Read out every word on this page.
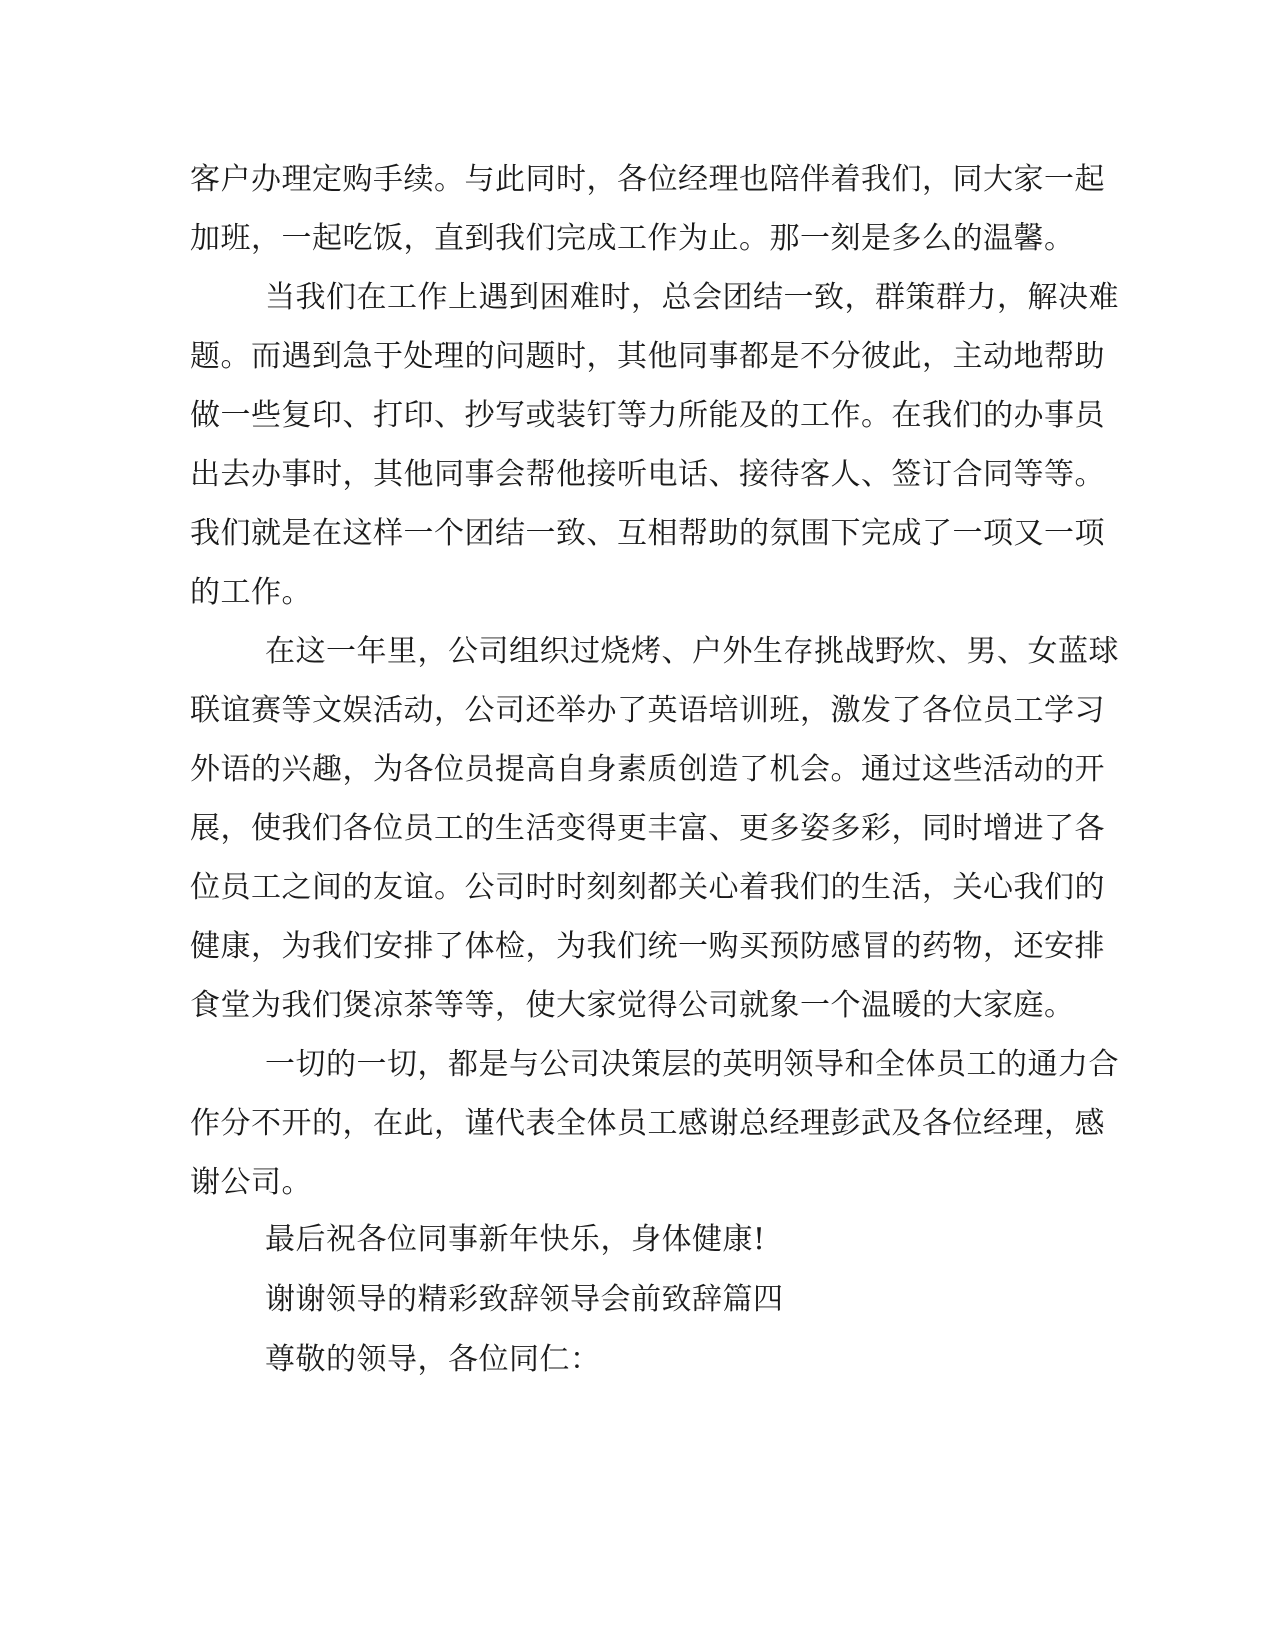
客户办理定购手续。与此同时，各位经理也陪伴着我们，同大家一起

加班，一起吃饭，直到我们完成工作为止。那一刻是多么的温馨。

当我们在工作上遇到困难时，总会团结一致，群策群力，解决难

题。而遇到急于处理的问题时，其他同事都是不分彼此，主动地帮助

做一些复印、打印、抄写或装钉等力所能及的工作。在我们的办事员

出去办事时，其他同事会帮他接听电话、接待客人、签订合同等等。

我们就是在这样一个团结一致、互相帮助的氛围下完成了一项又一项

的工作。

在这一年里，公司组织过烧烤、户外生存挑战野炊、男、女蓝球

联谊赛等文娱活动，公司还举办了英语培训班，激发了各位员工学习

外语的兴趣，为各位员提高自身素质创造了机会。通过这些活动的开

展，使我们各位员工的生活变得更丰富、更多姿多彩，同时增进了各

位员工之间的友谊。公司时时刻刻都关心着我们的生活，关心我们的

健康，为我们安排了体检，为我们统一购买预防感冒的药物，还安排

食堂为我们煲凉茶等等，使大家觉得公司就象一个温暖的大家庭。

一切的一切，都是与公司决策层的英明领导和全体员工的通力合

作分不开的，在此，谨代表全体员工感谢总经理彭武及各位经理，感

谢公司。

最后祝各位同事新年快乐，身体健康!

谢谢领导的精彩致辞领导会前致辞篇四

尊敬的领导，各位同仁：
